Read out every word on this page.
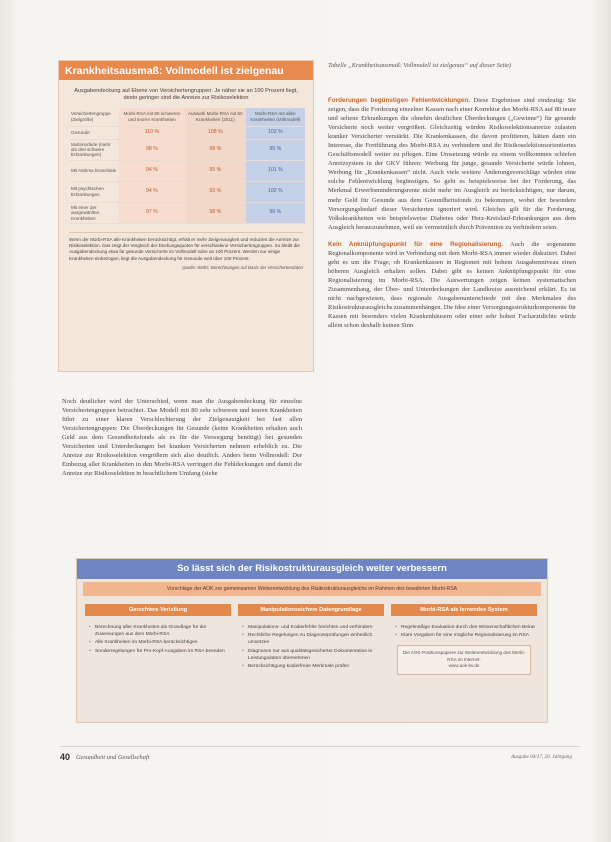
Krankheitsausmaß: Vollmodell ist zielgenau
Ausgabendeckung auf Ebene von Versichertengruppen: Je näher sie an 100 Prozent liegt, desto geringer sind die Anreize zur Risikoselektion
Versichertengruppe (Zielgröße)	Morbi-RSA mit 80 schweren und teuren Krankheiten	Auswahl Morbi-RSA mit 50 Krankheiten (2011)	Morbi-RSA mit allen Krankheiten (Vollmodell)
Gesunde	110 %	108 %	103 %
Multimorbide (mehr als drei schwere Erkrankungen)	98 %	98 %	99 %
Mit Asthma bronchiale	94 %	95 %	101 %
Mit psychischen Erkrankungen	94 %	93 %	102 %
Mit einer der ausgewählten Krankheiten	97 %	98 %	99 %
Wenn der Morbi-RSA alle Krankheiten berücksichtigt, erhält er mehr Zielgenauigkeit und reduziert die Anreize zur Risikoselektion. Das zeigt der Vergleich der Deckungsquoten für verschiedene Versichertengruppen. So bleibt die Ausgabendeckung etwa für gesunde Versicherte im Vollmodell nahe an 100 Prozent. Werden nur einige Krankheiten einbezogen, liegt die Ausgabendeckung für Gesunde weit über 100 Prozent.
Quelle: WIdO; Berechnungen auf Basis der Versichertendaten
Tabelle „Krankheitsausmaß: Vollmodell ist zielgenau“ auf dieser Seite)

Forderungen begünstigen Fehlentwicklungen. Diese Ergebnisse sind eindeutig: Sie zeigen, dass die Forderung einzelner Kassen nach einer Korrektur des Morbi-RSA auf 80 teure und seltene Erkrankungen die ohnehin deutlichen Überdeckungen („Gewinne“) für gesunde Versicherte noch weiter vergrößert. Gleichzeitig würden Risikoselektionsanreize zulasten kranker Versicherter verstärkt. Die Krankenkassen, die davon profitieren, hätten dann ein Interesse, die Fortführung des Morbi-RSA zu verhindern und ihr Risikoselektionsorientiertes Geschäftsmodell weiter zu pflegen. Eine Umsetzung würde zu einem vollkommen schiefen Anreizsystem in der GKV führen: Werbung für junge, gesunde Versicherte würde lohnen, Werbung für „Krankenkassen“ nicht. Auch viele weitere Änderungsvorschläge würden eine solche Fehlentwicklung begünstigen. So geht es beispielsweise bei der Forderung, das Merkmal Erwerbsminderungsrente nicht mehr im Ausgleich zu berücksichtigen, nur darum, mehr Geld für Gesunde aus dem Gesundheitsfonds zu bekommen, wobei der besondere Versorgungsbedarf dieser Versicherten ignoriert wird. Gleiches gilt für die Forderung, Volkskrankheiten wie beispielsweise Diabetes oder Herz-Kreislauf-Erkrankungen aus dem Ausgleich herauszunehmen, weil sie vermeintlich durch Prävention zu verhindern seien.

Kein Anknüpfungspunkt für eine Regionalisierung. Auch die sogenannte Regionalkomponente wird in Verbindung mit dem Morbi-RSA immer wieder diskutiert. Dabei geht es um die Frage, ob Krankenkassen in Regionen mit hohem Ausgabenniveau einen höheren Ausgleich erhalten sollen. Dabei gibt es keinen Anknüpfungspunkt für eine Regionalisierung im Morbi-RSA. Die Auswertungen zeigen keinen systematischen Zusammenhang, der Über- und Unterdeckungen der Landkreise ausreichend erklärt. Es ist nicht nachgewiesen, dass regionale Ausgabenunterschiede mit den Merkmalen des Risikostrukturausgleichs zusammenhängen. Die Idee einer Versorgungsstrukturkomponente für Kassen mit besonders vielen Krankenhäusern oder einer sehr hohen Facharztdichte würde allein schon deshalb keinen Sinn

Noch deutlicher wird der Unterschied, wenn man die Ausgabendeckung für einzelne Versichertengruppen betrachtet. Das Modell mit 80 sehr schweren und teuren Krankheiten führt zu einer klaren Verschlechterung der Zielgenauigkeit bei fast allen Versichertengruppen: Die Überdeckungen für Gesunde (keine Krankheiten erhalten auch Geld aus dem Gesundheitsfonds als es für die Versorgung benötigt) bei gesunden Versicherten und Unterdeckungen bei kranken Versicherten nehmen erheblich zu. Die Anreize zur Risikoselektion vergrößern sich also deutlich. Anders beim Vollmodell: Der Einbezug aller Krankheiten in den Morbi-RSA verringert die Fehldeckungen und damit die Anreize zur Risikoselektion in beachtlichem Umfang (siehe

So lässt sich der Risikostrukturausgleich weiter verbessern
Vorschläge der AOK zur gemeinsamen Weiterentwicklung des Risikostrukturausgleichs im Rahmen des bewährten Morbi-RSA
Gerechtere Verteilung
• Berechnung aller Krankheiten als Grundlage für die Zuweisungen aus dem Morbi-RSA
• Alle Krankheiten im Morbi-RSA berücksichtigen
• Sonderregelungen für Pro-Kopf-Ausgaben im RSA beenden
Manipulationssichere Datengrundlage
• Manipulations- und Kodierfehler berichten und verhindern
• Rechtliche Regelungen zu Diagnoseprüfungen einheitlich umsetzen
• Diagnosen nur aus qualitätsgesicherter Dokumentation in Leistungsdaten übernehmen
• Berücksichtigung kodierfreier Merkmale prüfen
Morbi-RSA als lernendes System
• Regelmäßige Evaluation durch den Wissenschaftlichen Beirat
• Klare Vorgaben für eine mögliche Regionalisierung im RSA
Die AOK-Positionspapiere zur Weiterentwicklung des Morbi-RSA im Internet:
www.aok-bv.de
40 Gesundheit und Gesellschaft	Ausgabe 04/17, 20. Jahrgang
